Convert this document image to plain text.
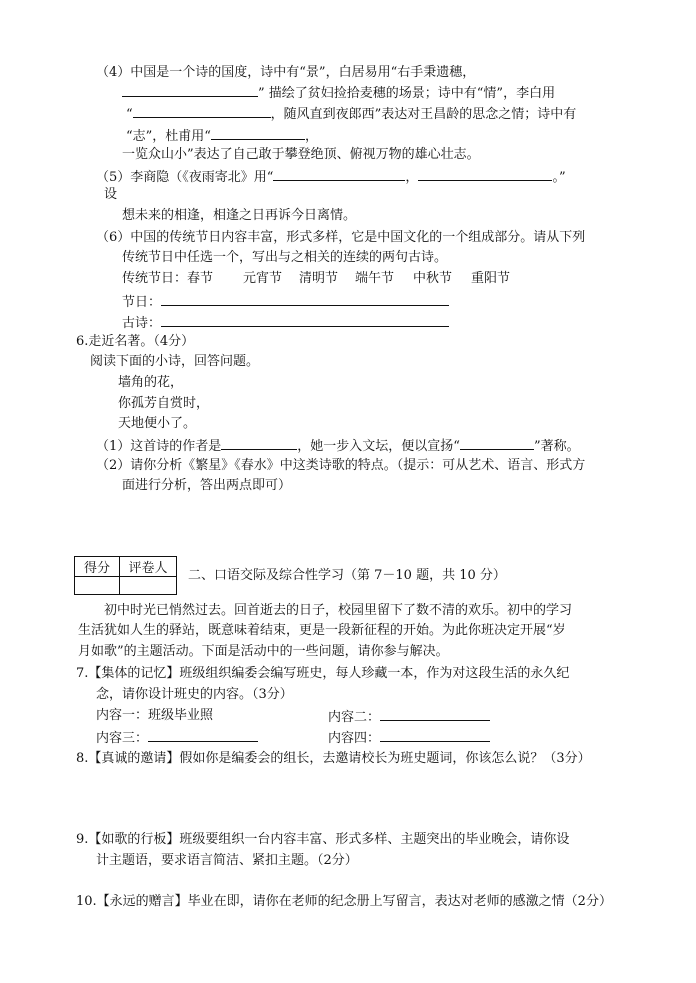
（4）中国是一个诗的国度，诗中有“景”，白居易用“右手秉遗穗，
” 描绘了贫妇捡拾麦穗的场景；诗中有“情”，李白用
“	，随风直到夜郎西”表达对王昌龄的思念之情；诗中有
“志”，杜甫用“	，
一览众山小”表达了自己敢于攀登绝顶、俯视万物的雄心壮志。
（5）李商隐（《夜雨寄北》用“	，	。”
设
想未来的相逢，相逢之日再诉今日离情。
（6）中国的传统节日内容丰富，形式多样，它是中国文化的一个组成部分。请从下列
传统节日中任选一个，写出与之相关的连续的两句古诗。
传统节日：春节 元宵节 清明节 端午节 中秋节 重阳节
节日：
古诗：
6.走近名著。（4分）
阅读下面的小诗，回答问题。
墙角的花，
你孤芳自赏时，
天地便小了。
（1）这首诗的作者是	，她一步入文坛，便以宣扬“	”著称。
（2）请你分析《繁星》《春水》中这类诗歌的特点。（提示：可从艺术、语言、形式方
面进行分析，答出两点即可）
得分	评卷人
	二、口语交际及综合性学习（第 7－10 题，共 10 分）
初中时光已悄然过去。回首逝去的日子，校园里留下了数不清的欢乐。初中的学习
生活犹如人生的驿站，既意味着结束，更是一段新征程的开始。为此你班决定开展“岁
月如歌”的主题活动。下面是活动中的一些问题，请你参与解决。
7.【集体的记忆】班级组织编委会编写班史，每人珍藏一本，作为对这段生活的永久纪
念，请你设计班史的内容。（3分）
内容一：班级毕业照	内容二：
内容三：	内容四：
8.【真诚的邀请】假如你是编委会的组长，去邀请校长为班史题词，你该怎么说？（3分）
9.【如歌的行板】班级要组织一台内容丰富、形式多样、主题突出的毕业晚会，请你设
计主题语，要求语言简洁、紧扣主题。（2分）
10.【永远的赠言】毕业在即，请你在老师的纪念册上写留言，表达对老师的感激之情（2分）
